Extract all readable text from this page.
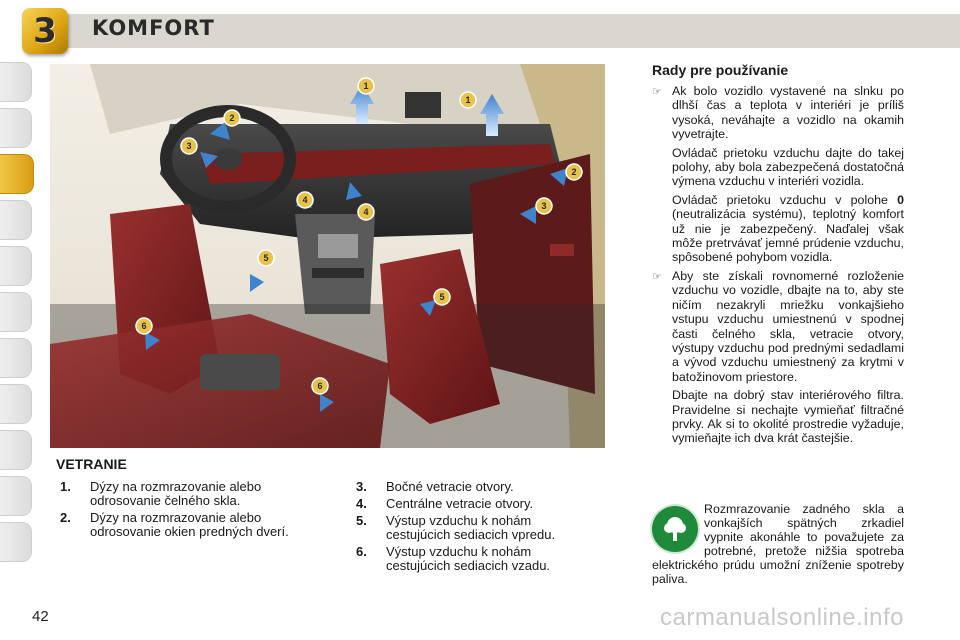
3 KOMFORT
1
1
2
2
3
3
4
4
5
5
6
6
VETRANIE
1. Dýzy na rozmrazovanie alebo odrosovanie čelného skla.
2. Dýzy na rozmrazovanie alebo odrosovanie okien predných dverí.
3. Bočné vetracie otvory.
4. Centrálne vetracie otvory.
5. Výstup vzduchu k nohám cestujúcich sediacich vpredu.
6. Výstup vzduchu k nohám cestujúcich sediacich vzadu.
Rady pre používanie
☞ Ak bolo vozidlo vystavené na slnku po dlhší čas a teplota v interiéri je príliš vysoká, neváhajte a vozidlo na okamih vyvetrajte.

Ovládač prietoku vzduchu dajte do takej polohy, aby bola zabezpečená dostatočná výmena vzduchu v interiéri vozidla.

Ovládač prietoku vzduchu v polohe 0 (neutralizácia systému), teplotný komfort už nie je zabezpečený. Naďalej však môže pretrvávať jemné prúdenie vzduchu, spôsobené pohybom vozidla.

☞ Aby ste získali rovnomerné rozloženie vzduchu vo vozidle, dbajte na to, aby ste ničím nezakryli mriežku vonkajšieho vstupu vzduchu umiestnenú v spodnej časti čelného skla, vetracie otvory, výstupy vzduchu pod prednými sedadlami a vývod vzduchu umiestnený za krytmi v batožinovom priestore.

Dbajte na dobrý stav interiérového filtra. Pravidelne si nechajte vymieňať filtračné prvky. Ak si to okolité prostredie vyžaduje, vymieňajte ich dva krát častejšie.

Rozmrazovanie zadného skla a vonkajších spätných zrkadiel vypnite akonáhle to považujete za potrebné, pretože nižšia spotreba elektrického prúdu umožní zníženie spotreby paliva.
42	carmanualsonline.info
